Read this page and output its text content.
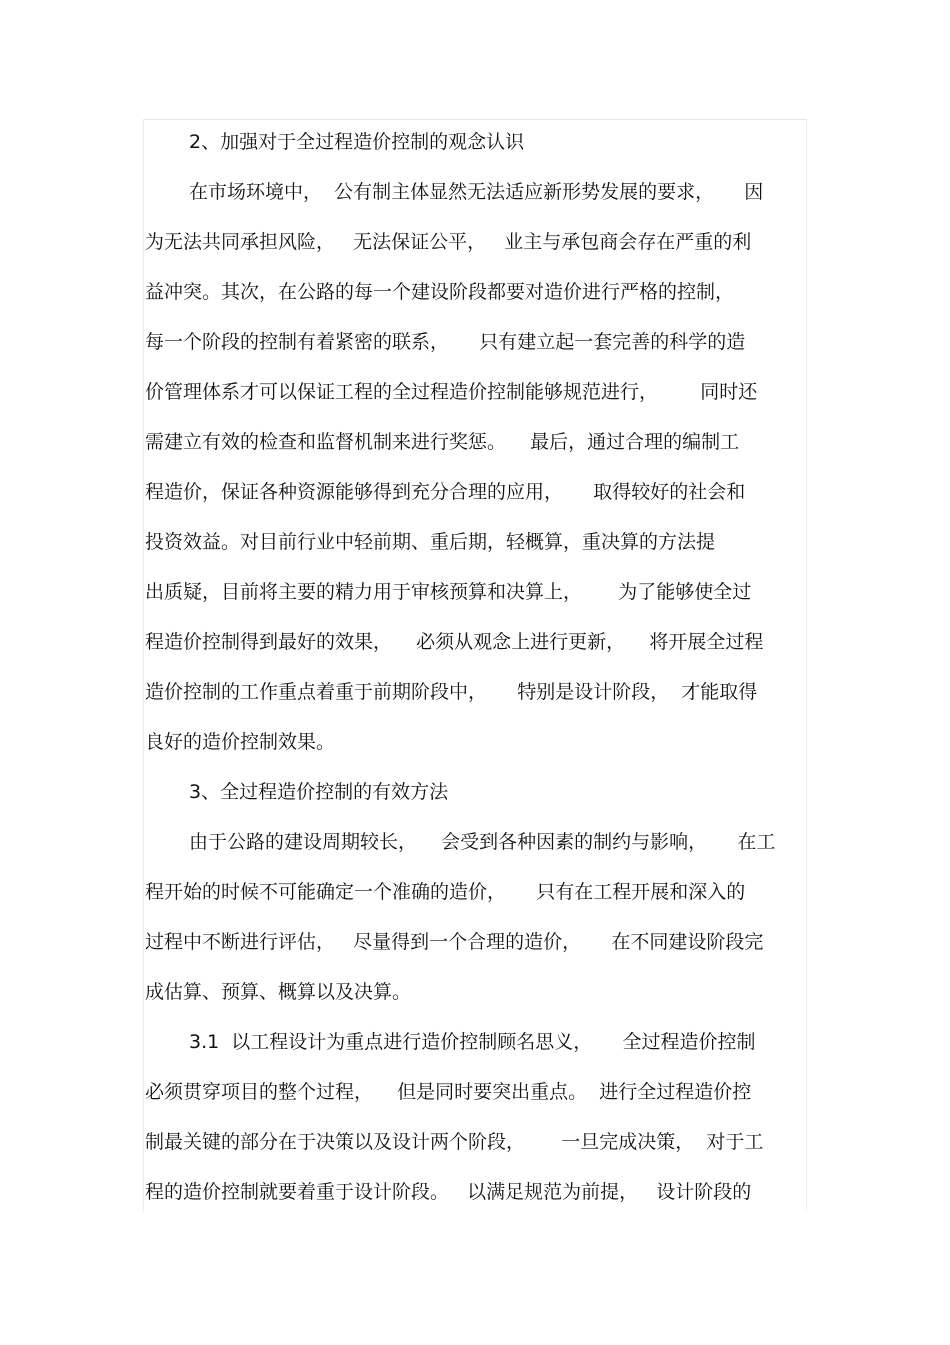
2、加强对于全过程造价控制的观念认识
在市场环境中，  公有制主体显然无法适应新形势发展的要求，     因
为无法共同承担风险，   无法保证公平，   业主与承包商会存在严重的利
益冲突。其次，在公路的每一个建设阶段都要对造价进行严格的控制，
每一个阶段的控制有着紧密的联系，     只有建立起一套完善的科学的造
价管理体系才可以保证工程的全过程造价控制能够规范进行，       同时还
需建立有效的检查和监督机制来进行奖惩。    最后，通过合理的编制工
程造价，保证各种资源能够得到充分合理的应用，     取得较好的社会和
投资效益。对目前行业中轻前期、重后期，轻概算，重决算的方法提
出质疑，目前将主要的精力用于审核预算和决算上，      为了能够使全过
程造价控制得到最好的效果，    必须从观念上进行更新，    将开展全过程
造价控制的工作重点着重于前期阶段中，     特别是设计阶段，  才能取得
良好的造价控制效果。
3、全过程造价控制的有效方法
由于公路的建设周期较长，    会受到各种因素的制约与影响，     在工
程开始的时候不可能确定一个准确的造价，     只有在工程开展和深入的
过程中不断进行评估，   尽量得到一个合理的造价，     在不同建设阶段完
成估算、预算、概算以及决算。
3.1  以工程设计为重点进行造价控制顾名思义，     全过程造价控制
必须贯穿项目的整个过程，    但是同时要突出重点。  进行全过程造价控
制最关键的部分在于决策以及设计两个阶段，      一旦完成决策，  对于工
程的造价控制就要着重于设计阶段。   以满足规范为前提，   设计阶段的
